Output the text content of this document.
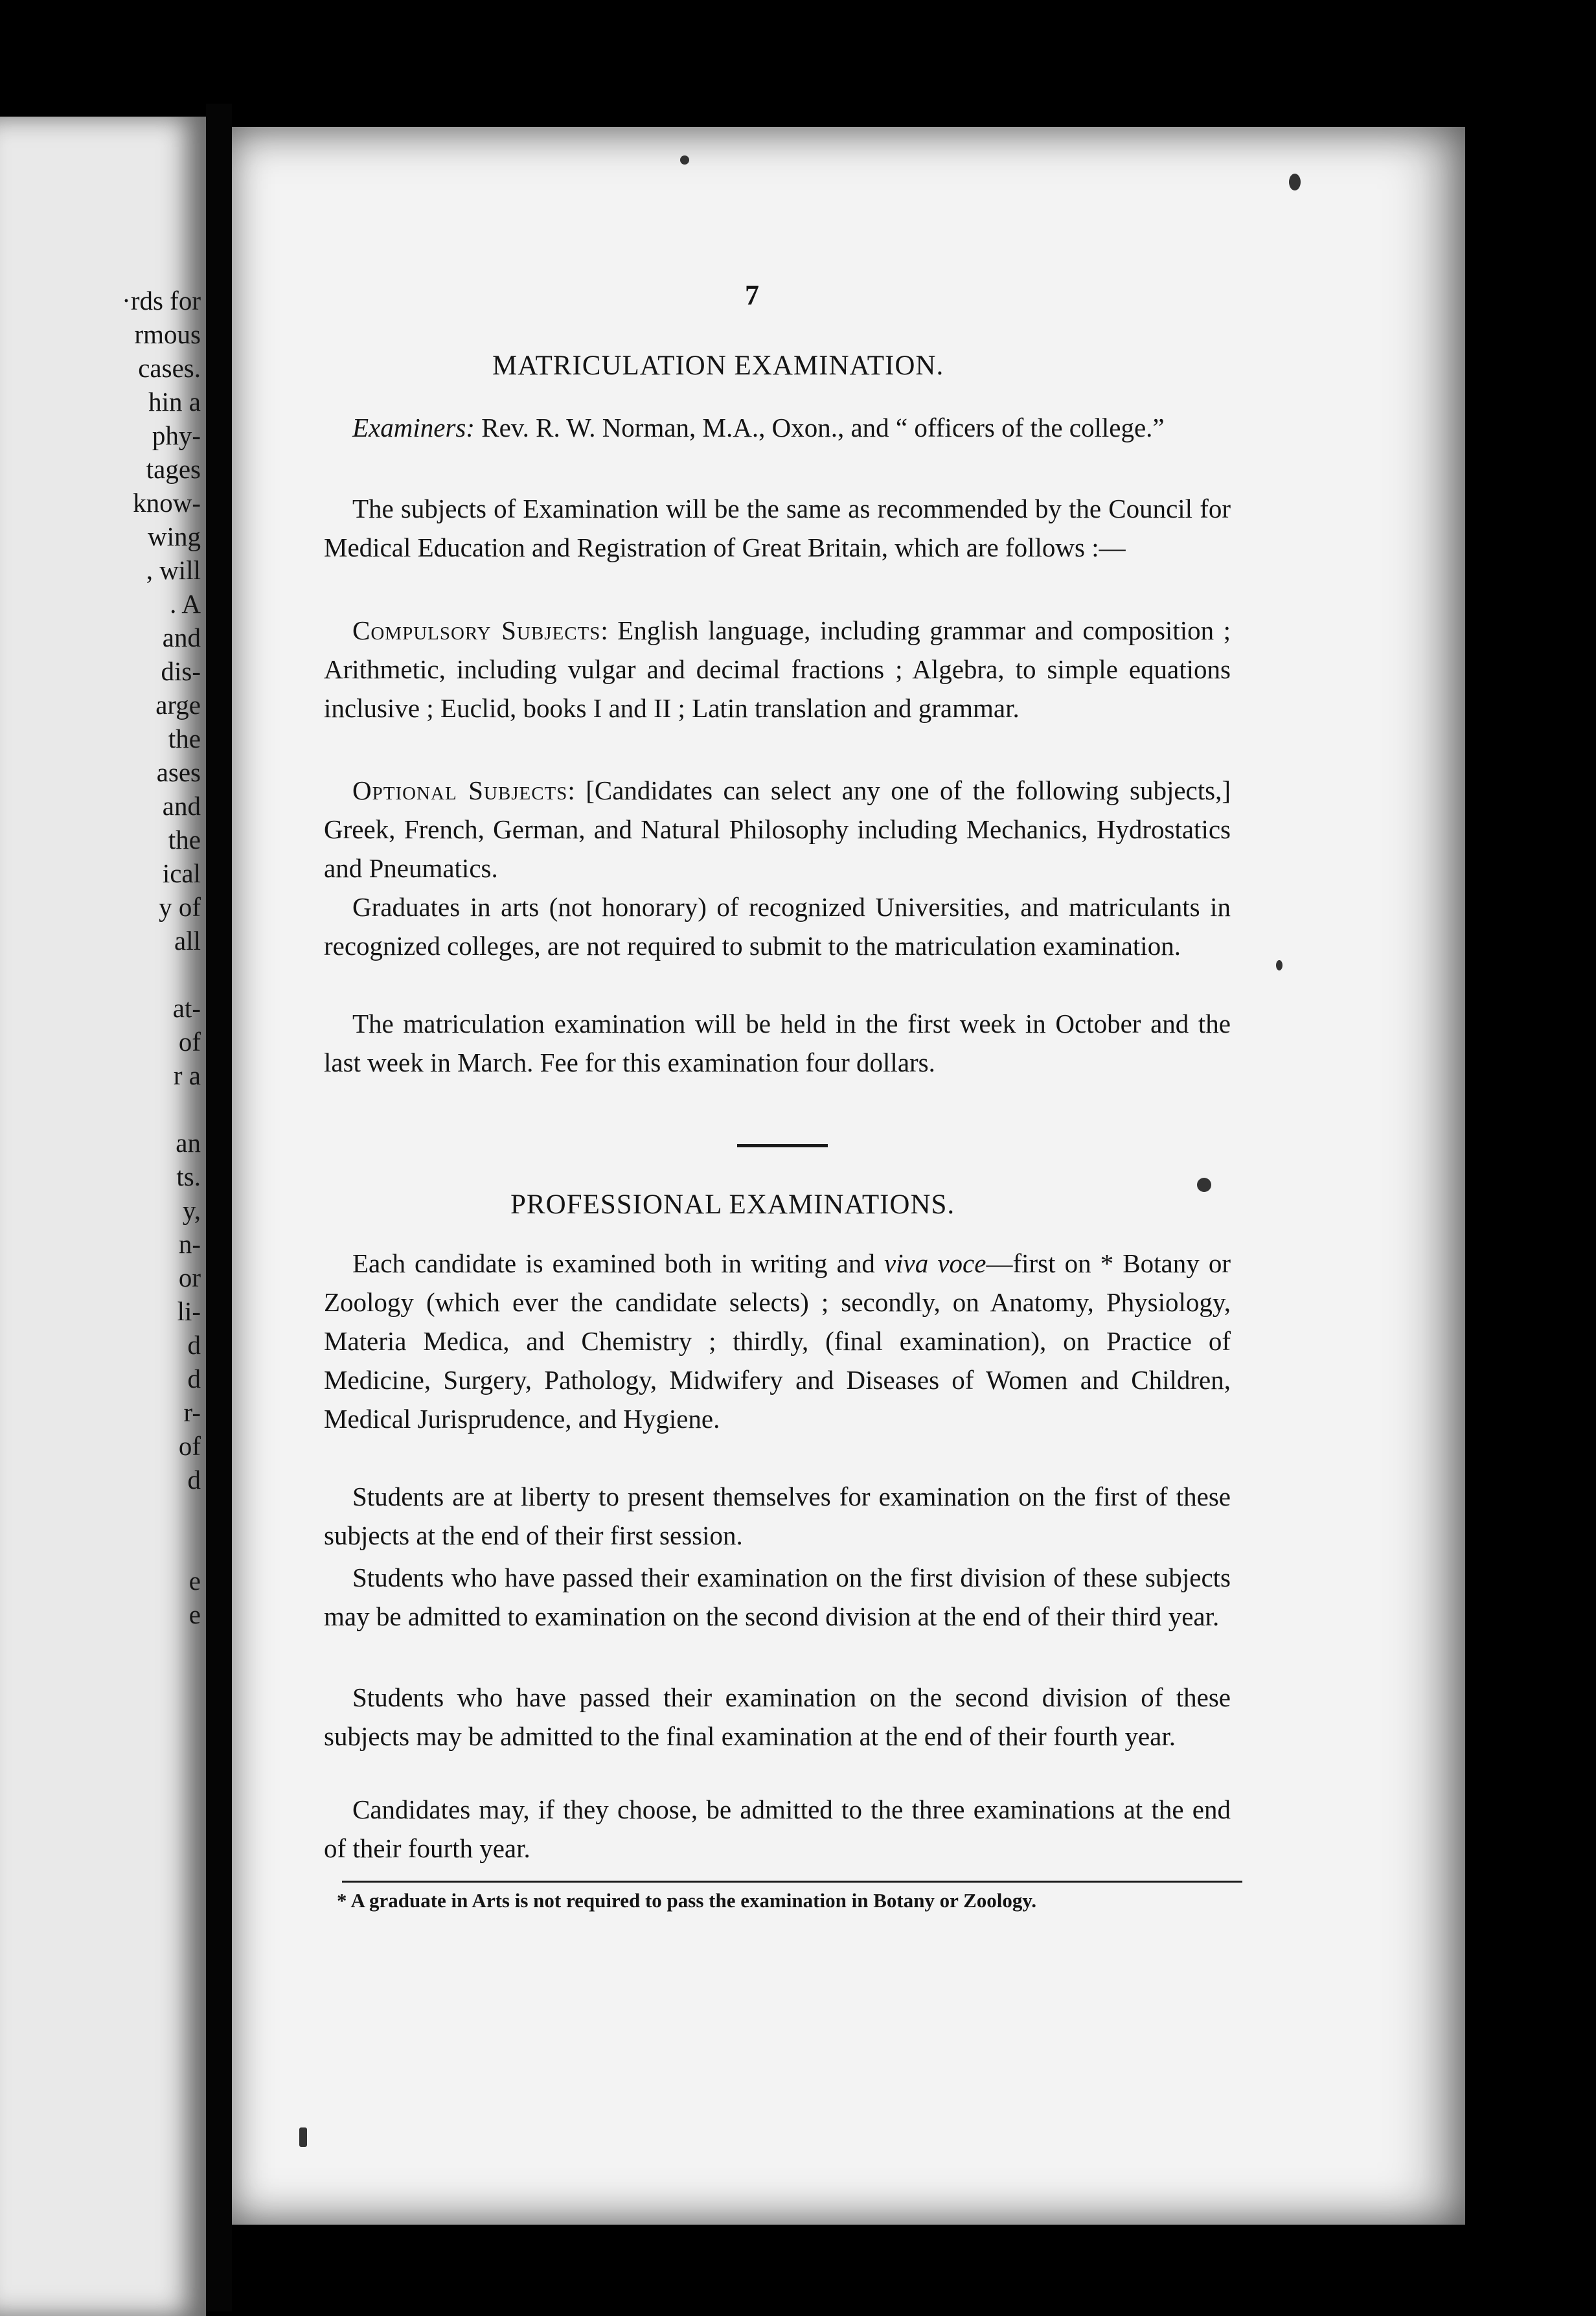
·rds for
rmous
cases.
hin a
phy-
tages
know-
wing
, will
. A
and
dis-
arge
the
ases
and
the
ical
y of
all
at-
of
r a
an
ts.
y,
n-
or
li-
d
d
r-
of
d
e
e
7
MATRICULATION EXAMINATION.
Examiners: Rev. R. W. Norman, M.A., Oxon., and “ officers of the college.”
The subjects of Examination will be the same as recommended by the Council for Medical Education and Registration of Great Britain, which are follows :—
Compulsory Subjects: English language, including grammar and composition ; Arithmetic, including vulgar and decimal fractions ; Algebra, to simple equations inclusive ; Euclid, books I and II ; Latin translation and grammar.
Optional Subjects: [Candidates can select any one of the following subjects,] Greek, French, German, and Natural Philosophy including Mechanics, Hydrostatics and Pneumatics.
Graduates in arts (not honorary) of recognized Universities, and matriculants in recognized colleges, are not required to submit to the matriculation examination.
The matriculation examination will be held in the first week in October and the last week in March. Fee for this examination four dollars.
PROFESSIONAL EXAMINATIONS.
Each candidate is examined both in writing and viva voce—first on * Botany or Zoology (which ever the candidate selects) ; secondly, on Anatomy, Physiology, Materia Medica, and Chemistry ; thirdly, (final examination), on Practice of Medicine, Surgery, Pathology, Midwifery and Diseases of Women and Children, Medical Jurisprudence, and Hygiene.
Students are at liberty to present themselves for examination on the first of these subjects at the end of their first session.
Students who have passed their examination on the first division of these subjects may be admitted to examination on the second division at the end of their third year.
Students who have passed their examination on the second division of these subjects may be admitted to the final examination at the end of their fourth year.
Candidates may, if they choose, be admitted to the three examinations at the end of their fourth year.
* A graduate in Arts is not required to pass the examination in Botany or Zoology.
